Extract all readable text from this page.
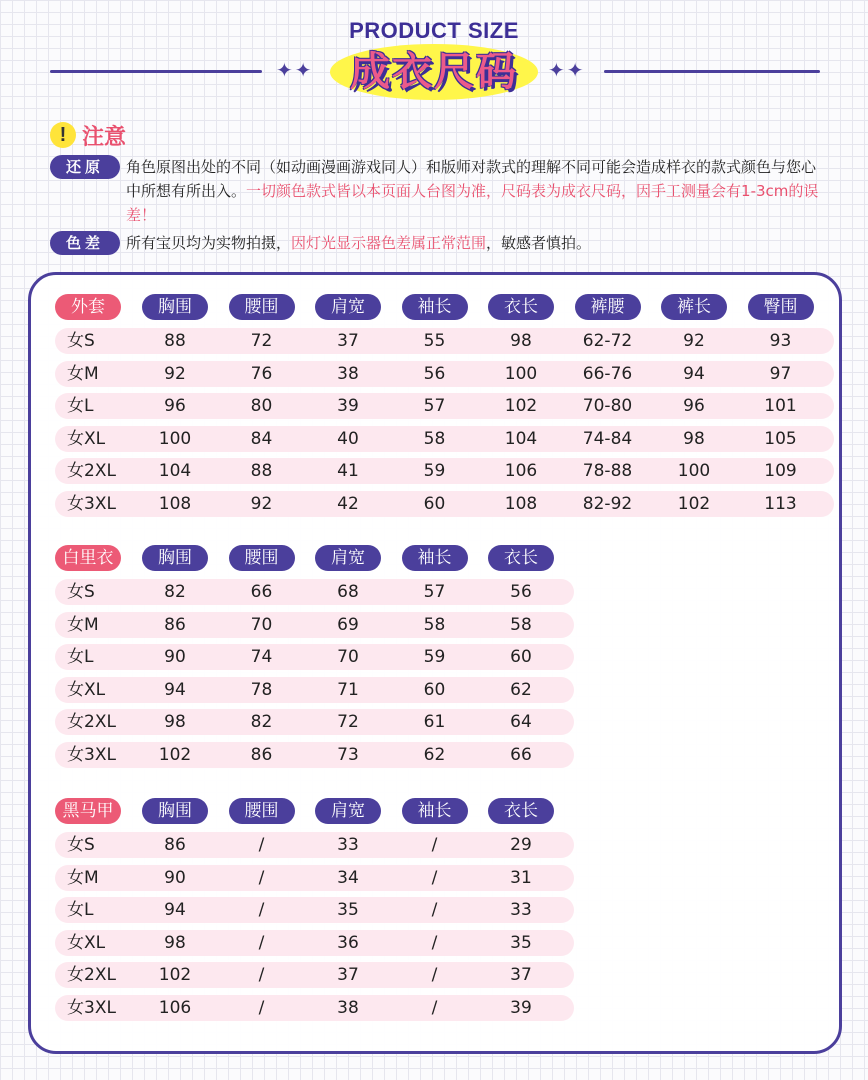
✦✦	✦✦
PRODUCT SIZE
成衣尺码
! 注意
还原	角色原图出处的不同（如动画漫画游戏同人）和版师对款式的理解不同可能会造成样衣的款式颜色与您心中所想有所出入。一切颜色款式皆以本页面人台图为准，尺码表为成衣尺码，因手工测量会有1-3cm的误差！
色差	所有宝贝均为实物拍摄，因灯光显示器色差属正常范围，敏感者慎拍。
外套	胸围	腰围	肩宽	袖长	衣长	裤腰	裤长	臀围
女S	88	72	37	55	98	62-72	92	93
女M	92	76	38	56	100	66-76	94	97
女L	96	80	39	57	102	70-80	96	101
女XL	100	84	40	58	104	74-84	98	105
女2XL	104	88	41	59	106	78-88	100	109
女3XL	108	92	42	60	108	82-92	102	113
白里衣	胸围	腰围	肩宽	袖长	衣长
女S	82	66	68	57	56
女M	86	70	69	58	58
女L	90	74	70	59	60
女XL	94	78	71	60	62
女2XL	98	82	72	61	64
女3XL	102	86	73	62	66
黑马甲	胸围	腰围	肩宽	袖长	衣长
女S	86	/	33	/	29
女M	90	/	34	/	31
女L	94	/	35	/	33
女XL	98	/	36	/	35
女2XL	102	/	37	/	37
女3XL	106	/	38	/	39
